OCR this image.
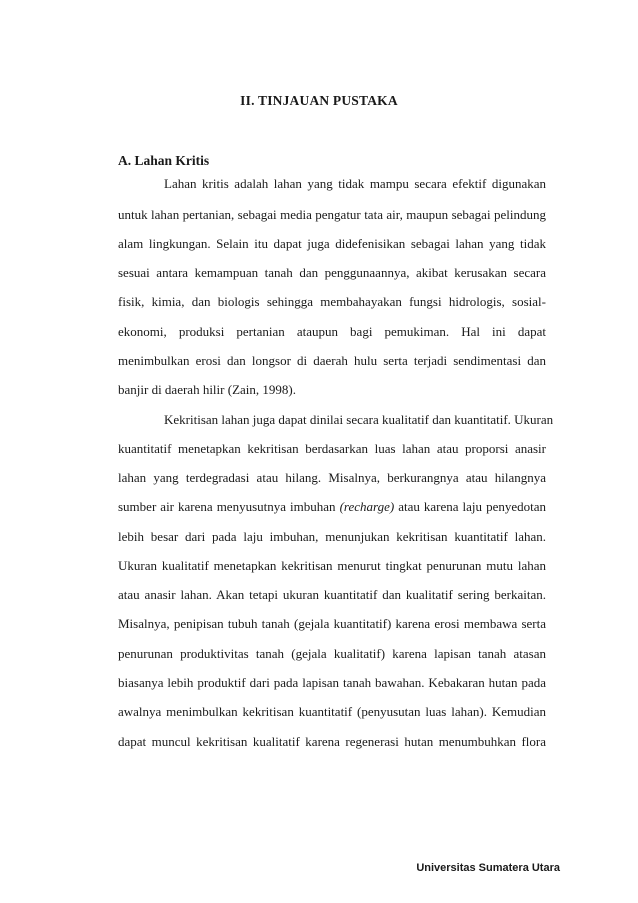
II. TINJAUAN PUSTAKA
A. Lahan Kritis

Lahan kritis adalah lahan yang tidak mampu secara efektif digunakan

untuk lahan pertanian, sebagai media pengatur tata air, maupun sebagai pelindung

alam lingkungan. Selain itu dapat juga didefenisikan sebagai lahan yang tidak

sesuai antara kemampuan tanah dan penggunaannya, akibat kerusakan secara

fisik, kimia, dan biologis sehingga membahayakan fungsi hidrologis, sosial-

ekonomi, produksi pertanian ataupun bagi pemukiman. Hal ini dapat

menimbulkan erosi dan longsor di daerah hulu serta terjadi sendimentasi dan

banjir di daerah hilir (Zain, 1998).

Kekritisan lahan juga dapat dinilai secara kualitatif dan kuantitatif. Ukuran

kuantitatif menetapkan kekritisan berdasarkan luas lahan atau proporsi anasir

lahan yang terdegradasi atau hilang. Misalnya, berkurangnya atau hilangnya

sumber air karena menyusutnya imbuhan (recharge) atau karena laju penyedotan

lebih besar dari pada laju imbuhan, menunjukan kekritisan kuantitatif lahan.

Ukuran kualitatif menetapkan kekritisan menurut tingkat penurunan mutu lahan

atau anasir lahan. Akan tetapi ukuran kuantitatif dan kualitatif sering berkaitan.

Misalnya, penipisan tubuh tanah (gejala kuantitatif) karena erosi membawa serta

penurunan produktivitas tanah (gejala kualitatif) karena lapisan tanah atasan

biasanya lebih produktif dari pada lapisan tanah bawahan. Kebakaran hutan pada

awalnya menimbulkan kekritisan kuantitatif (penyusutan luas lahan). Kemudian

dapat muncul kekritisan kualitatif karena regenerasi hutan menumbuhkan flora

Universitas Sumatera Utara
